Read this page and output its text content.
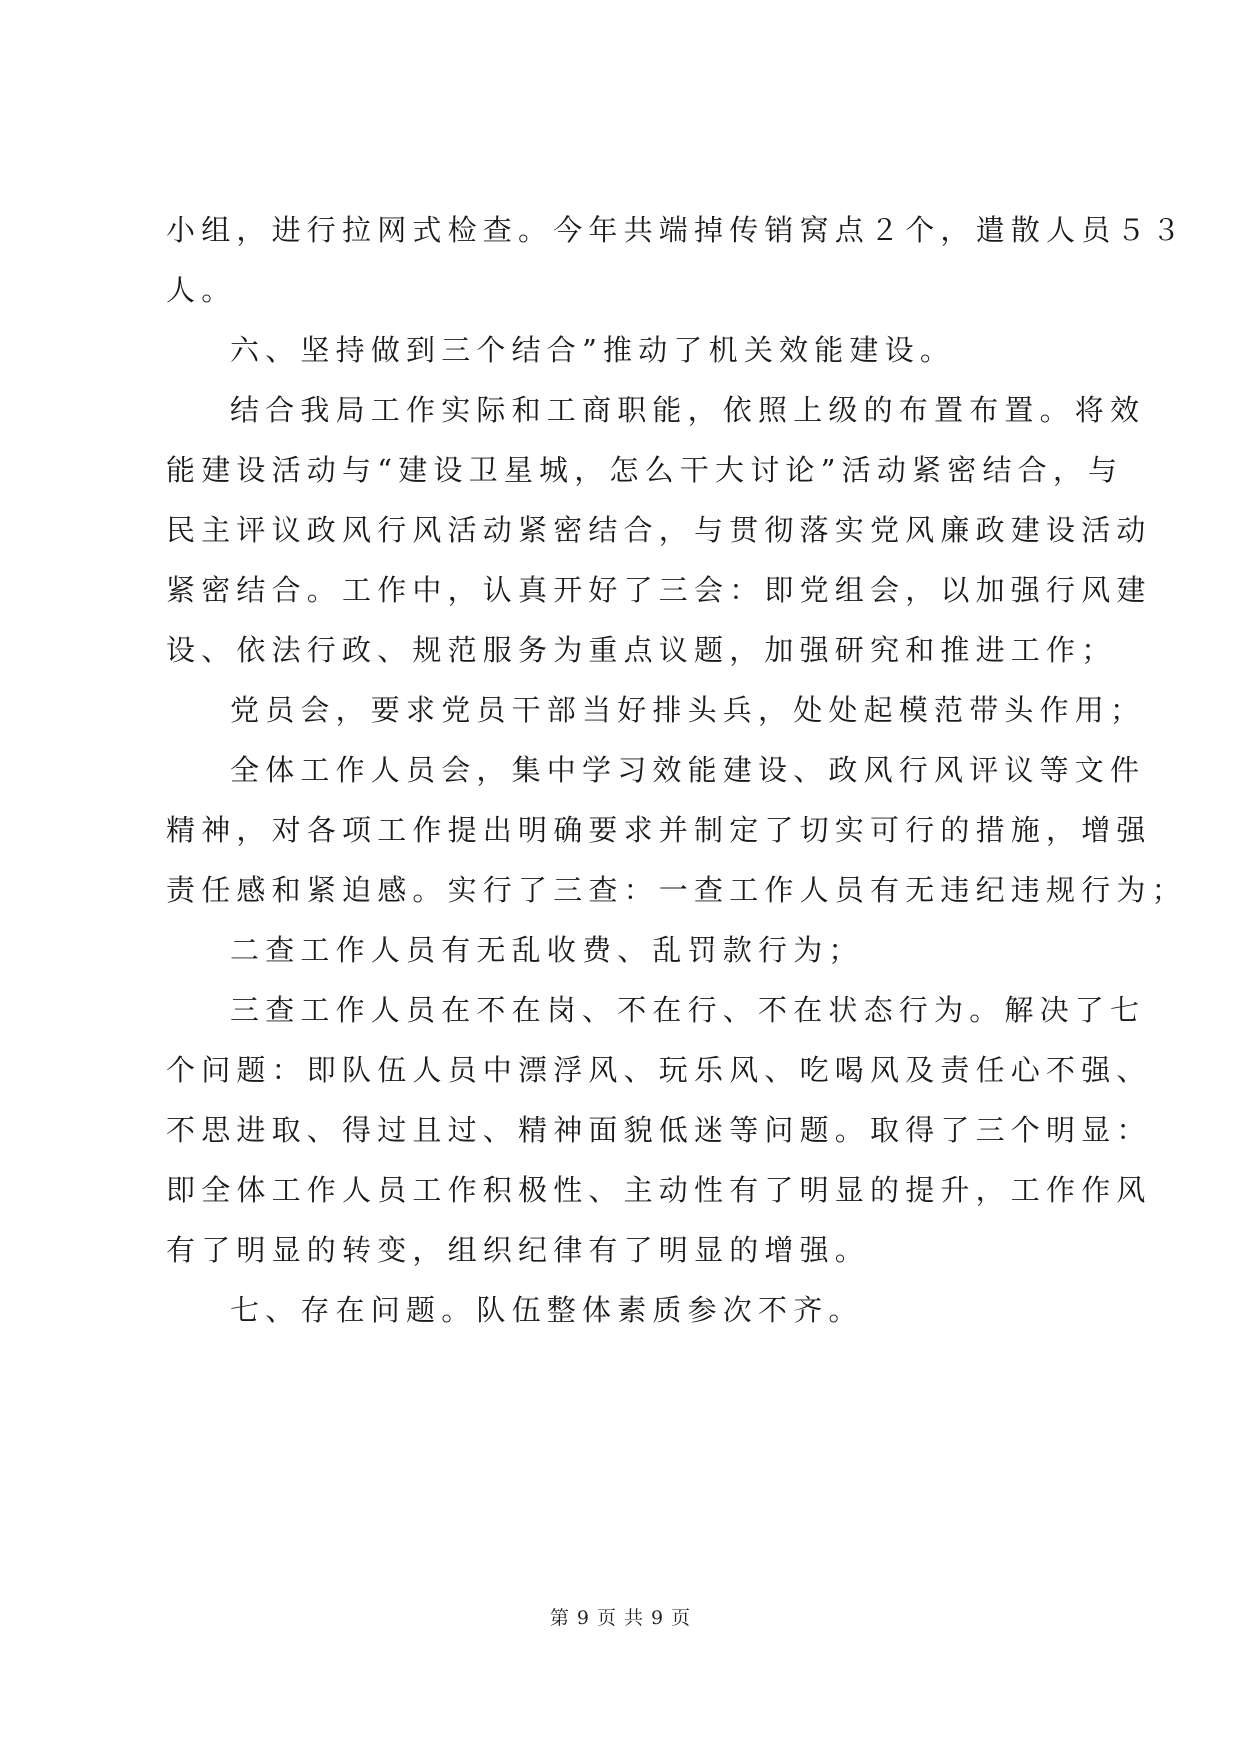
小组，进行拉网式检查。今年共端掉传销窝点２个，遣散人员５３
人。
六、坚持做到三个结合”推动了机关效能建设。
结合我局工作实际和工商职能，依照上级的布置布置。将效
能建设活动与“建设卫星城，怎么干大讨论”活动紧密结合，与
民主评议政风行风活动紧密结合，与贯彻落实党风廉政建设活动
紧密结合。工作中，认真开好了三会：即党组会，以加强行风建
设、依法行政、规范服务为重点议题，加强研究和推进工作；
党员会，要求党员干部当好排头兵，处处起模范带头作用；
全体工作人员会，集中学习效能建设、政风行风评议等文件
精神，对各项工作提出明确要求并制定了切实可行的措施，增强
责任感和紧迫感。实行了三查：一查工作人员有无违纪违规行为；
二查工作人员有无乱收费、乱罚款行为；
三查工作人员在不在岗、不在行、不在状态行为。解决了七
个问题：即队伍人员中漂浮风、玩乐风、吃喝风及责任心不强、
不思进取、得过且过、精神面貌低迷等问题。取得了三个明显：
即全体工作人员工作积极性、主动性有了明显的提升，工作作风
有了明显的转变，组织纪律有了明显的增强。
七、存在问题。队伍整体素质参次不齐。
第 9 页 共 9 页
